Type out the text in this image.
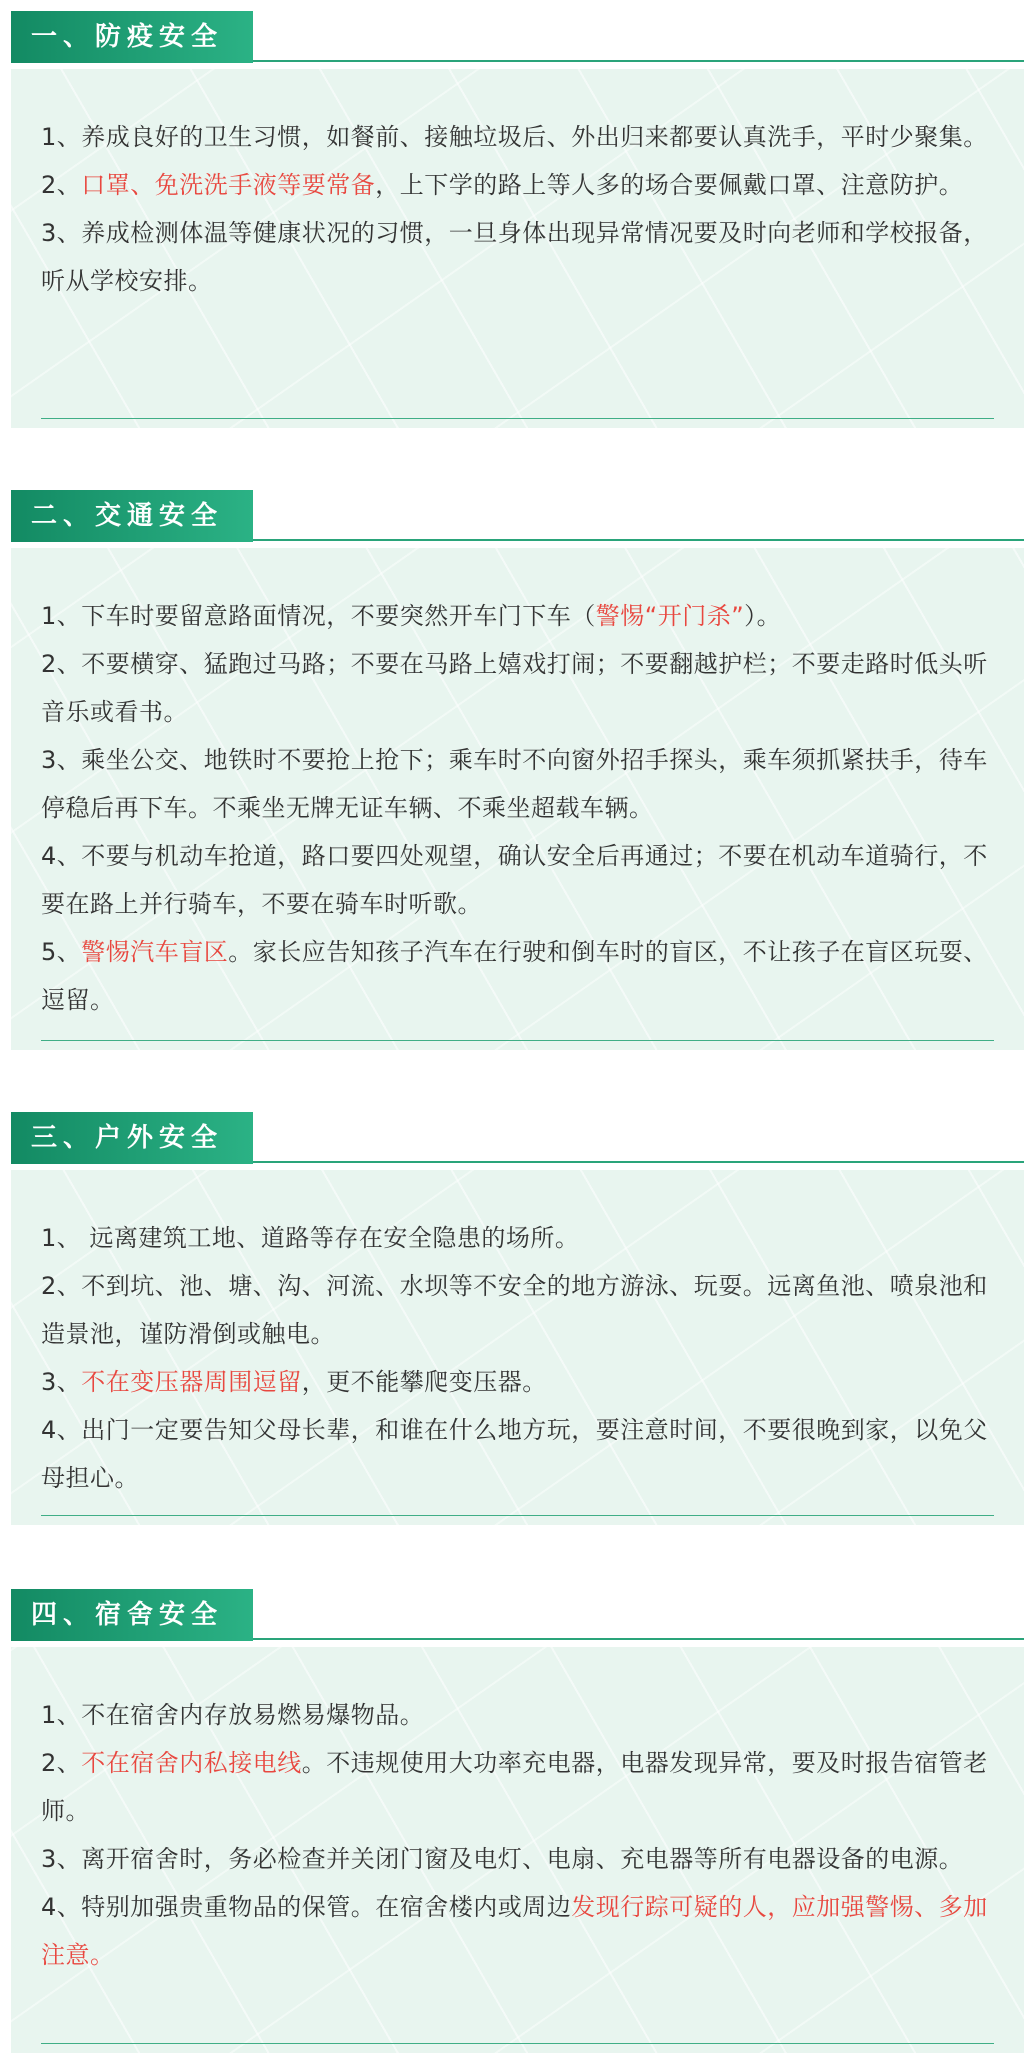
一、防疫安全

1、养成良好的卫生习惯，如餐前、接触垃圾后、外出归来都要认真洗手，平时少聚集。

2、口罩、免洗洗手液等要常备，上下学的路上等人多的场合要佩戴口罩、注意防护。

3、养成检测体温等健康状况的习惯，一旦身体出现异常情况要及时向老师和学校报备，听从学校安排。

二、交通安全

1、下车时要留意路面情况，不要突然开车门下车（警惕“开门杀”）。

2、不要横穿、猛跑过马路；不要在马路上嬉戏打闹；不要翻越护栏；不要走路时低头听音乐或看书。

3、乘坐公交、地铁时不要抢上抢下；乘车时不向窗外招手探头，乘车须抓紧扶手，待车停稳后再下车。不乘坐无牌无证车辆、不乘坐超载车辆。

4、不要与机动车抢道，路口要四处观望，确认安全后再通过；不要在机动车道骑行，不要在路上并行骑车，不要在骑车时听歌。

5、警惕汽车盲区。家长应告知孩子汽车在行驶和倒车时的盲区，不让孩子在盲区玩耍、逗留。

三、户外安全

1、 远离建筑工地、道路等存在安全隐患的场所。

2、不到坑、池、塘、沟、河流、水坝等不安全的地方游泳、玩耍。远离鱼池、喷泉池和造景池，谨防滑倒或触电。

3、不在变压器周围逗留，更不能攀爬变压器。

4、出门一定要告知父母长辈，和谁在什么地方玩，要注意时间，不要很晚到家，以免父母担心。

四、宿舍安全

1、不在宿舍内存放易燃易爆物品。

2、不在宿舍内私接电线。不违规使用大功率充电器，电器发现异常，要及时报告宿管老师。

3、离开宿舍时，务必检查并关闭门窗及电灯、电扇、充电器等所有电器设备的电源。

4、特别加强贵重物品的保管。在宿舍楼内或周边发现行踪可疑的人，应加强警惕、多加注意。
